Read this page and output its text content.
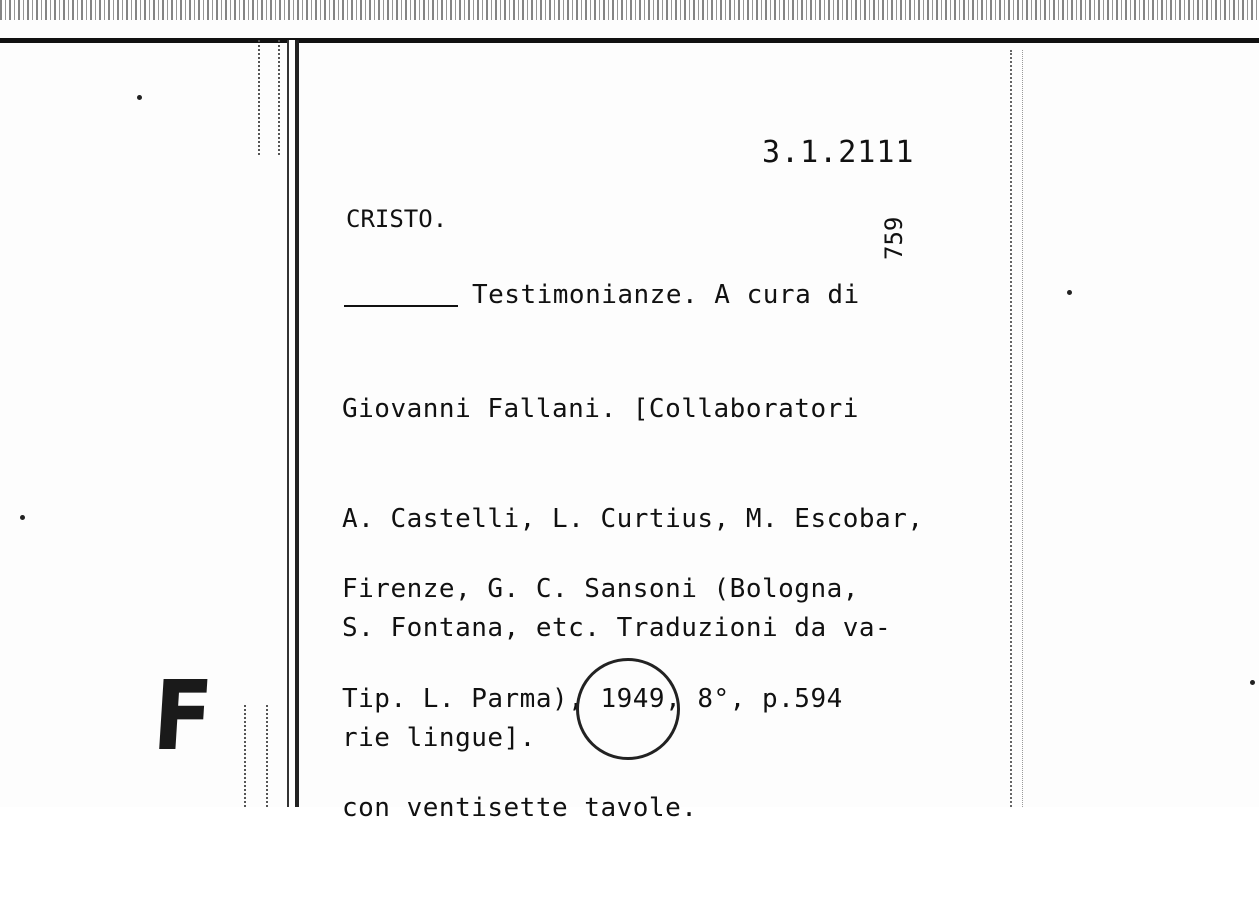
3.1.2111
CRISTO.	759
Testimonianze. A cura di

Giovanni Fallani. [Collaboratori

A. Castelli, L. Curtius, M. Escobar,

S. Fontana, etc. Traduzioni da va-

rie lingue].

Firenze, G. C. Sansoni (Bologna,

Tip. L. Parma), 1949, 8°, p.594

con ventisette tavole.

F
